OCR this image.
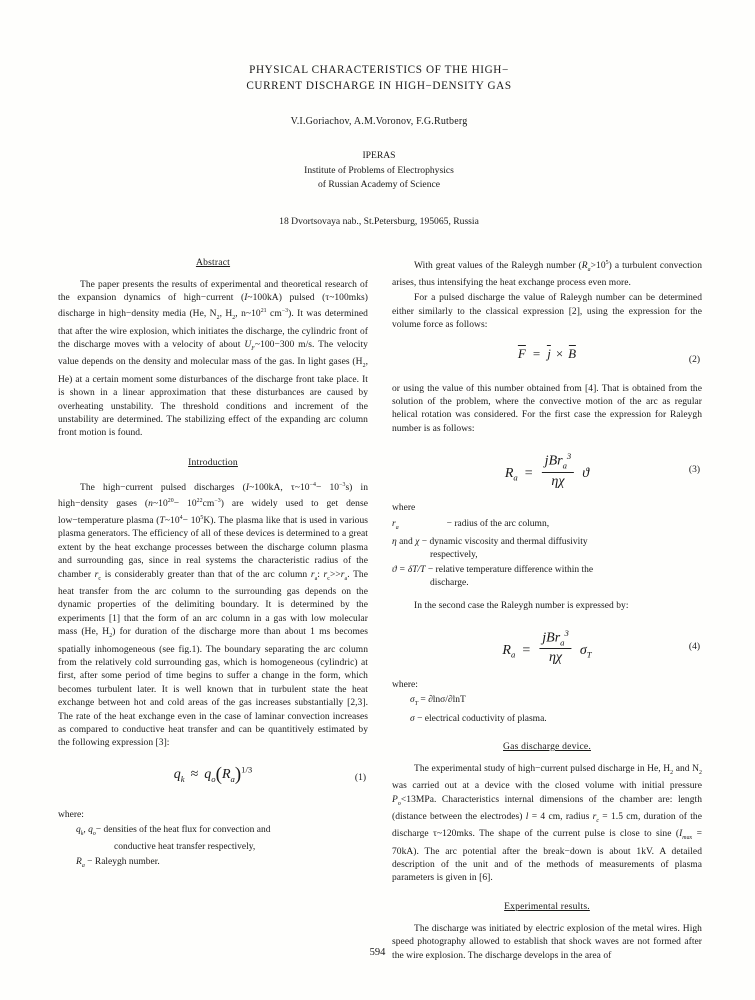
PHYSICAL CHARACTERISTICS OF THE HIGH−
CURRENT DISCHARGE IN HIGH−DENSITY GAS
V.I.Goriachov, A.M.Voronov, F.G.Rutberg
IPERAS
Institute of Problems of Electrophysics
of Russian Academy of Science
18 Dvortsovaya nab., St.Petersburg, 195065, Russia
Abstract

The paper presents the results of experimental and theoretical research of the expansion dynamics of high−current (I~100kA) pulsed (τ~100mks) discharge in high−density media (He, $N_2$, $H_2$, $n\sim 10^{21}$ $cm^{-3}$). It was determined that after the wire explosion, which initiates the discharge, the cylindric front of the discharge moves with a velocity of about $U_F\sim 100-300$ m/s. The velocity value depends on the density and molecular mass of the gas. In light gases ($H_2$, He) at a certain moment some disturbances of the discharge front take place. It is shown in a linear approximation that these disturbances are caused by overheating unstability. The threshold conditions and increment of the unstability are determined. The stabilizing effect of the expanding arc column front motion is found.

Introduction

The high−current pulsed discharges (I~100kA, $\tau\sim 10^{-4}- 10^{-3}s$) in high−density gases $(n\sim 10^{20}- 10^{22}cm^{-3})$ are widely used to get dense low−temperature plasma $(T\sim 10^4- 10^5K)$. The plasma like that is used in various plasma generators. The efficiency of all of these devices is determined to a great extent by the heat exchange processes between the discharge column plasma and surrounding gas, since in real systems the characteristic radius of the chamber $r_c$ is considerably greater than that of the arc column $r_a$: $r_c>>r_a$. The heat transfer from the arc column to the surrounding gas depends on the dynamic properties of the delimiting boundary. It is determined by the experiments [1] that the form of an arc column in a gas with low molecular mass (He, $H_2$) for duration of the discharge more than about 1 ms becomes spatially inhomogeneous (see fig.1). The boundary separating the arc column from the relatively cold surrounding gas, which is homogeneous (cylindric) at first, after some period of time begins to suffer a change in the form, which becomes turbulent later. It is well known that in turbulent state the heat exchange between hot and cold areas of the gas increases substantially [2,3]. The rate of the heat exchange even in the case of laminar convection increases as compared to conductive heat transfer and can be quantitively estimated by the following expression [3]:

$q_k \approx q_o(R_a)^{1/3}$
(1)
where:
$q_k$, $q_o-$ densities of the heat flux for convection and
conductive heat transfer respectively,
$R_a$ − Raleygh number.

With great values of the Raleygh number $(R_a>10^5)$ a turbulent convection arises, thus intensifying the heat exchange process even more.

For a pulsed discharge the value of Raleygh number can be determined either similarly to the classical expression [2], using the expression for the volume force as follows:

F = j × B	(2)

or using the value of this number obtained from [4]. That is obtained from the solution of the problem, where the convective motion of the arc as regular helical rotation was considered. For the first case the expression for Raleygh number is as follows:

$R_a = \frac{jBr_a^3}{\eta\chi}$ ϑ	(3)
where
$r_a$	− radius of the arc column,
η and χ − dynamic viscosity and thermal diffusivity
respectively,
ϑ = δT/T − relative temperature difference within the
discharge.

In the second case the Raleygh number is expressed by:

$R_a = \frac{jBr_a^3}{\eta\chi} \sigma_T$
(4)
where:
$\sigma_T = \partial\ln\sigma/\partial\ln T$
σ − electrical coductivity of plasma.
Gas discharge device.

The experimental study of high−current pulsed discharge in He, $H_2$ and $N_2$ was carried out at a device with the closed volume with initial pressure $P_o<13MPa$. Characteristics internal dimensions of the chamber are: length (distance between the electrodes) l = 4 cm, radius $r_c = 1.5$ cm, duration of the discharge τ~120mks. The shape of the current pulse is close to sine $(I_{max} = 70kA)$. The arc potential after the break−down is about 1kV. A detailed description of the unit and of the methods of measurements of plasma parameters is given in [6].

Experimental results.

The discharge was initiated by electric explosion of the metal wires. High speed photography allowed to establish that shock waves are not formed after the wire explosion. The discharge develops in the area of

594
